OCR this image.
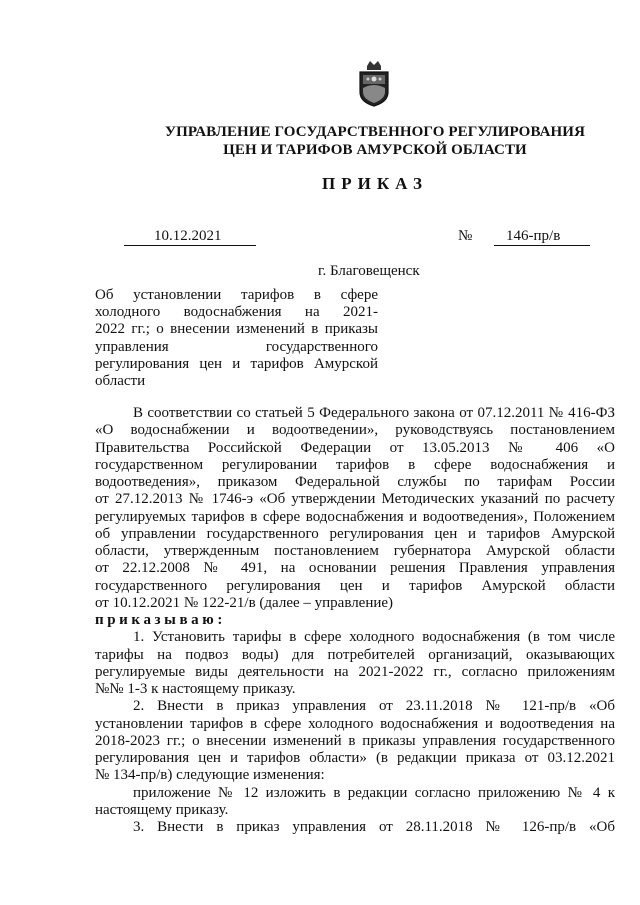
УПРАВЛЕНИЕ ГОСУДАРСТВЕННОГО РЕГУЛИРОВАНИЯ
ЦЕН И ТАРИФОВ АМУРСКОЙ ОБЛАСТИ
ПРИКАЗ
10.12.2021	№ 146-пр/в
г. Благовещенск
Об установлении тарифов в сфере
холодного водоснабжения на 2021-
2022 гг.; о внесении изменений в приказы
управления государственного
регулирования цен и тарифов Амурской
области
В соответствии со статьей 5 Федерального закона от 07.12.2011 № 416-ФЗ
«О водоснабжении и водоотведении», руководствуясь постановлением
Правительства Российской Федерации от 13.05.2013 № 406 «О
государственном регулировании тарифов в сфере водоснабжения и
водоотведения», приказом Федеральной службы по тарифам России
от 27.12.2013 № 1746-э «Об утверждении Методических указаний по расчету
регулируемых тарифов в сфере водоснабжения и водоотведения», Положением
об управлении государственного регулирования цен и тарифов Амурской
области, утвержденным постановлением губернатора Амурской области
от 22.12.2008 № 491, на основании решения Правления управления
государственного регулирования цен и тарифов Амурской области
от 10.12.2021 № 122-21/в (далее – управление)
приказываю:
1. Установить тарифы в сфере холодного водоснабжения (в том числе
тарифы на подвоз воды) для потребителей организаций, оказывающих
регулируемые виды деятельности на 2021-2022 гг., согласно приложениям
№№ 1-3 к настоящему приказу.
2. Внести в приказ управления от 23.11.2018 № 121-пр/в «Об
установлении тарифов в сфере холодного водоснабжения и водоотведения на
2018-2023 гг.; о внесении изменений в приказы управления государственного
регулирования цен и тарифов области» (в редакции приказа от 03.12.2021
№ 134-пр/в) следующие изменения:
приложение № 12 изложить в редакции согласно приложению № 4 к
настоящему приказу.
3. Внести в приказ управления от 28.11.2018 № 126-пр/в «Об
